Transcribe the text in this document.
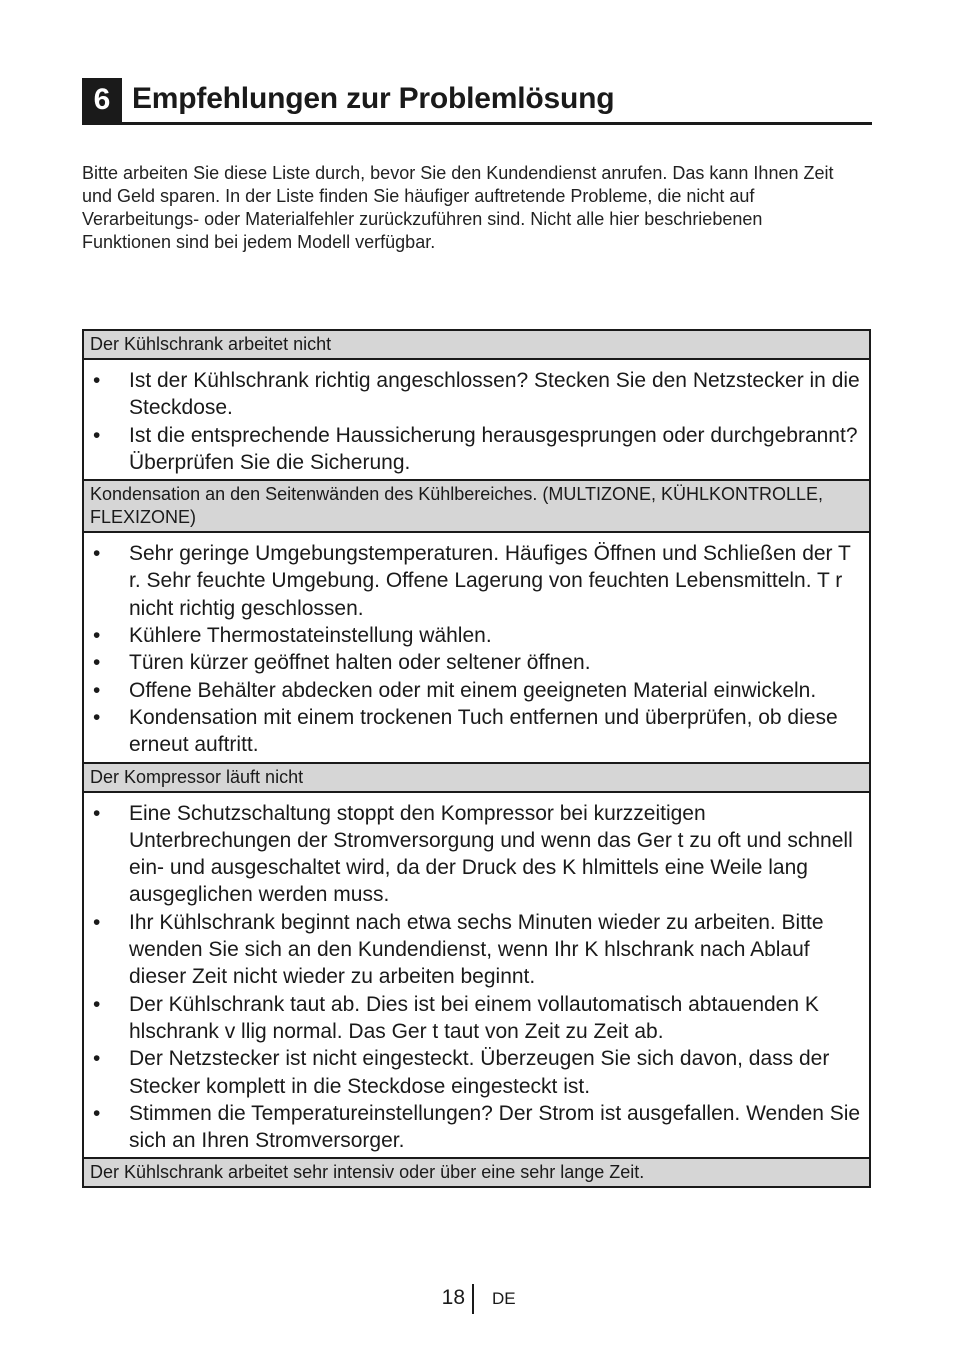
6 Empfehlungen zur Problemlösung

Bitte arbeiten Sie diese Liste durch, bevor Sie den Kundendienst anrufen. Das kann Ihnen Zeit und Geld sparen. In der Liste finden Sie häufiger auftretende Probleme, die nicht auf Verarbeitungs- oder Materialfehler zurückzuführen sind. Nicht alle hier beschriebenen Funktionen sind bei jedem Modell verfügbar.

Der Kühlschrank arbeitet nicht
•	Ist der Kühlschrank richtig angeschlossen? Stecken Sie den Netzstecker in die Steckdose.
•	Ist die entsprechende Haussicherung herausgesprungen oder durchgebrannt? Überprüfen Sie die Sicherung.
Kondensation an den Seitenwänden des Kühlbereiches. (MULTIZONE, KÜHLKONTROLLE, FLEXIZONE)
•	Sehr geringe Umgebungstemperaturen. Häufiges Öffnen und Schließen der T r. Sehr feuchte Umgebung. Offene Lagerung von feuchten Lebensmitteln. T r nicht richtig geschlossen.
•	Kühlere Thermostateinstellung wählen.
•	Türen kürzer geöffnet halten oder seltener öffnen.
•	Offene Behälter abdecken oder mit einem geeigneten Material einwickeln.
•	Kondensation mit einem trockenen Tuch entfernen und überprüfen, ob diese erneut auftritt.
Der Kompressor läuft nicht
•	Eine Schutzschaltung stoppt den Kompressor bei kurzzeitigen Unterbrechungen der Stromversorgung und wenn das Ger t zu oft und schnell ein- und ausgeschaltet wird, da der Druck des K hlmittels eine Weile lang ausgeglichen werden muss.
•	Ihr Kühlschrank beginnt nach etwa sechs Minuten wieder zu arbeiten. Bitte wenden Sie sich an den Kundendienst, wenn Ihr K hlschrank nach Ablauf dieser Zeit nicht wieder zu arbeiten beginnt.
•	Der Kühlschrank taut ab. Dies ist bei einem vollautomatisch abtauenden K hlschrank v llig normal. Das Ger t taut von Zeit zu Zeit ab.
•	Der Netzstecker ist nicht eingesteckt. Überzeugen Sie sich davon, dass der Stecker komplett in die Steckdose eingesteckt ist.
•	Stimmen die Temperatureinstellungen? Der Strom ist ausgefallen. Wenden Sie sich an Ihren Stromversorger.
Der Kühlschrank arbeitet sehr intensiv oder über eine sehr lange Zeit.
18 DE
